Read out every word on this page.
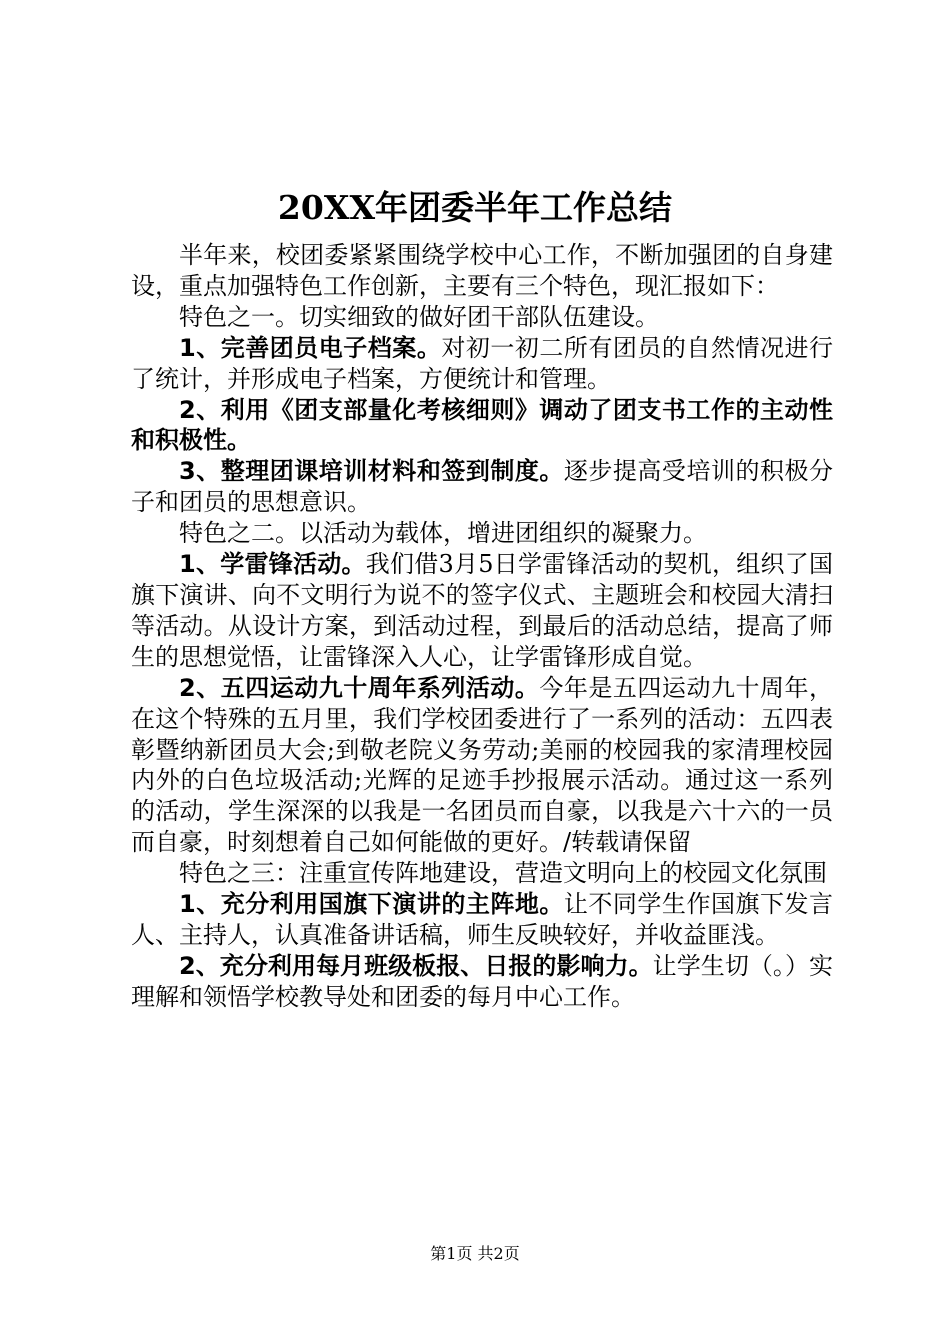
20XX年团委半年工作总结

半年来，校团委紧紧围绕学校中心工作，不断加强团的自身建设，重点加强特色工作创新，主要有三个特色，现汇报如下：

特色之一。切实细致的做好团干部队伍建设。

1、完善团员电子档案。对初一初二所有团员的自然情况进行了统计，并形成电子档案，方便统计和管理。

2、利用《团支部量化考核细则》调动了团支书工作的主动性和积极性。

3、整理团课培训材料和签到制度。逐步提高受培训的积极分子和团员的思想意识。

特色之二。以活动为载体，增进团组织的凝聚力。

1、学雷锋活动。我们借3月5日学雷锋活动的契机，组织了国旗下演讲、向不文明行为说不的签字仪式、主题班会和校园大清扫等活动。从设计方案，到活动过程，到最后的活动总结，提高了师生的思想觉悟，让雷锋深入人心，让学雷锋形成自觉。

2、五四运动九十周年系列活动。今年是五四运动九十周年，在这个特殊的五月里，我们学校团委进行了一系列的活动：五四表彰暨纳新团员大会;到敬老院义务劳动;美丽的校园我的家清理校园内外的白色垃圾活动;光辉的足迹手抄报展示活动。通过这一系列的活动，学生深深的以我是一名团员而自豪，以我是六十六的一员而自豪，时刻想着自己如何能做的更好。/转载请保留

特色之三：注重宣传阵地建设，营造文明向上的校园文化氛围

1、充分利用国旗下演讲的主阵地。让不同学生作国旗下发言人、主持人，认真准备讲话稿，师生反映较好，并收益匪浅。

2、充分利用每月班级板报、日报的影响力。让学生切（。）实理解和领悟学校教导处和团委的每月中心工作。

第1页 共2页
